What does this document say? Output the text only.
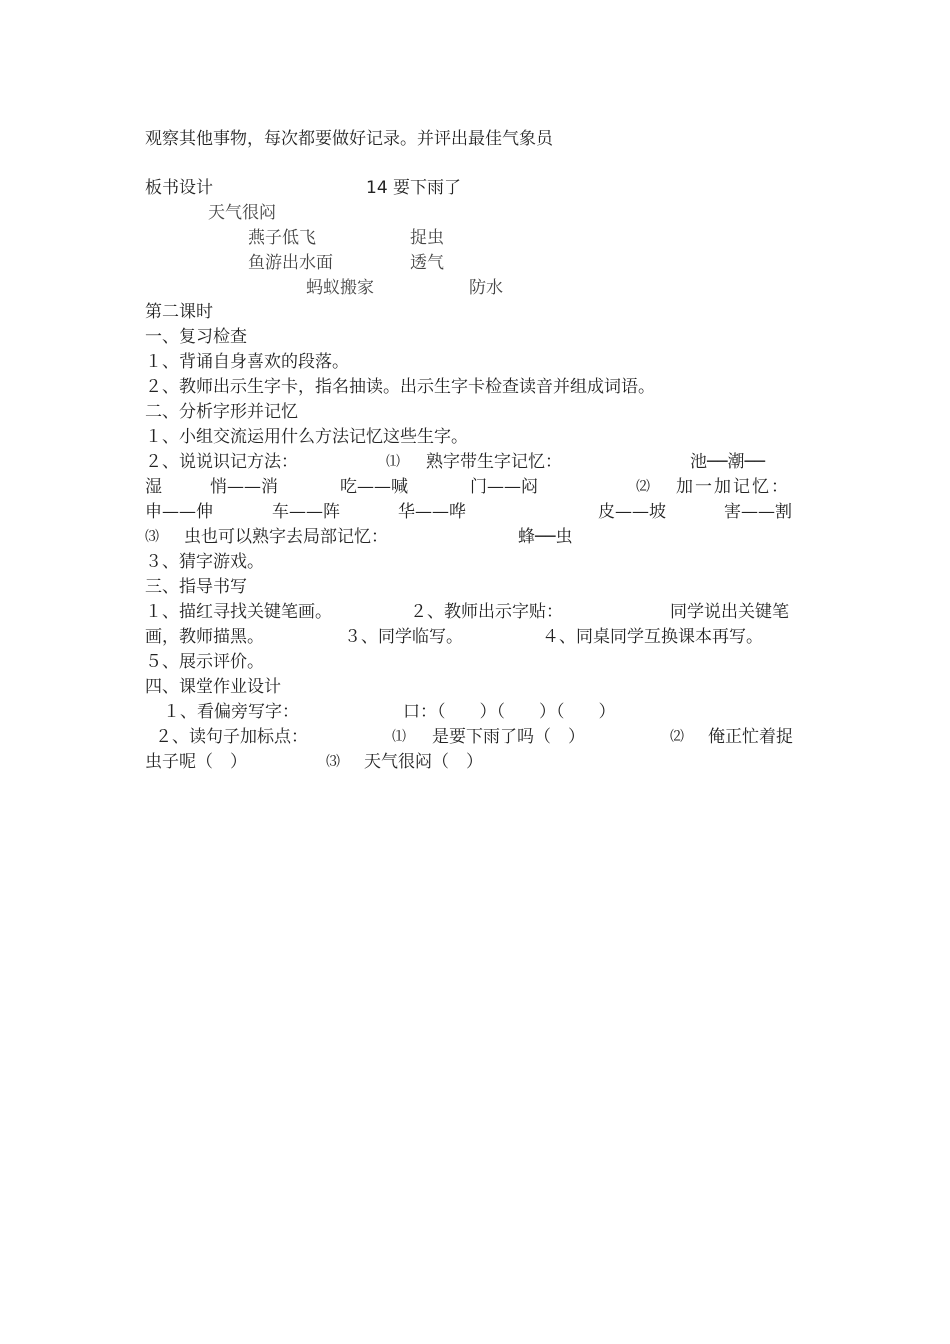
观察其他事物，每次都要做好记录。并评出最佳气象员
板书设计	14 要下雨了
天气很闷
燕子低飞	捉虫
鱼游出水面	透气
蚂蚁搬家	防水
第二课时
一、复习检查
１、背诵自身喜欢的段落。
２、教师出示生字卡，指名抽读。出示生字卡检查读音并组成词语。
二、分析字形并记忆
１、小组交流运用什么方法记忆这些生字。
２、说说识记方法：	⑴ 熟字带生字记忆：	池──潮──
湿	悄——消	吃——喊	门——闷	⑵ 加一加记忆：
申——伸	车——阵	华——哗	皮——坡	害——割
⑶ 虫也可以熟字去局部记忆：	蜂──虫
３、猜字游戏。
三、指导书写
１、描红寻找关键笔画。	２、教师出示字贴：	同学说出关键笔
画，教师描黑。	３、同学临写。	４、同桌同学互换课本再写。
５、展示评价。
四、课堂作业设计
１、看偏旁写字：	口：（　　）（　　）（　　）
２、读句子加标点：	⑴ 是要下雨了吗（　）	⑵ 俺正忙着捉
虫子呢（　）	⑶ 天气很闷（　）
